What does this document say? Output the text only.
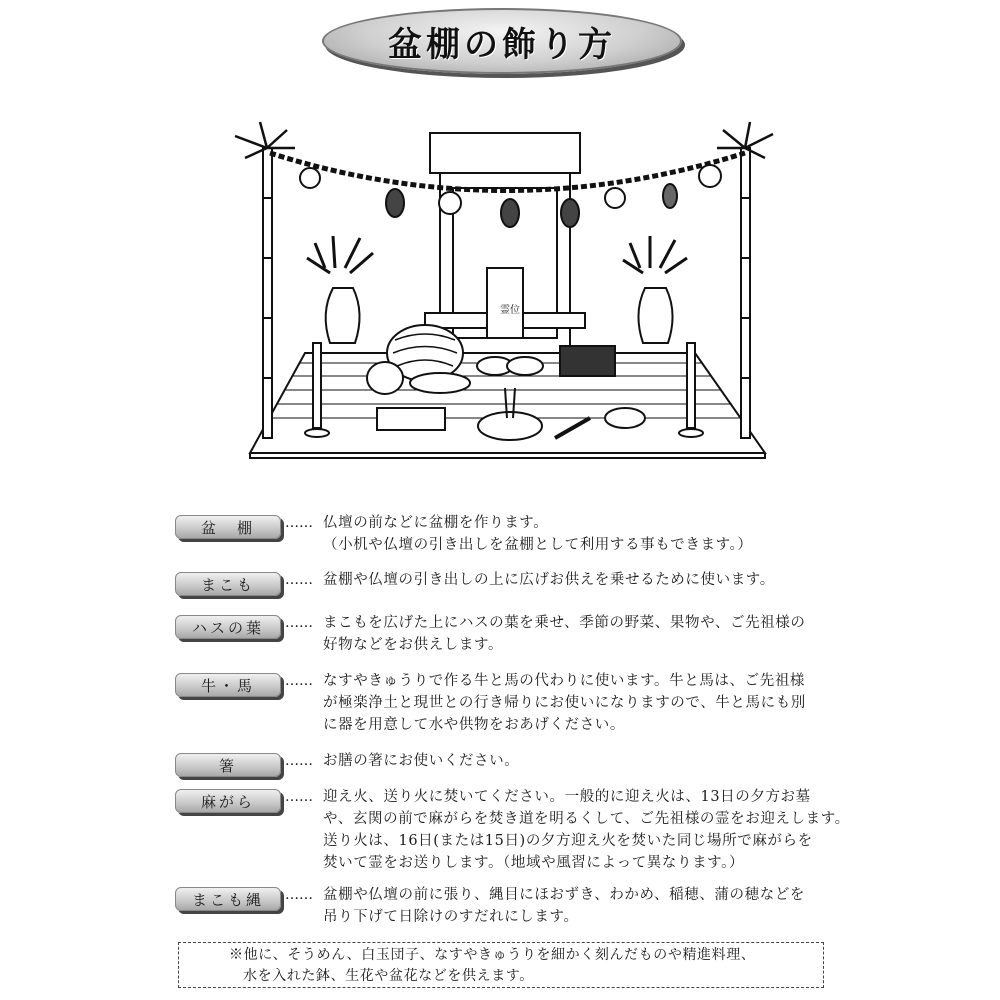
盆棚の飾り方
霊位
盆　棚	…… 仏壇の前などに盆棚を作ります。
（小机や仏壇の引き出しを盆棚として利用する事もできます。）
まこも	…… 盆棚や仏壇の引き出しの上に広げお供えを乗せるために使います。
ハスの葉	…… まこもを広げた上にハスの葉を乗せ、季節の野菜、果物や、ご先祖様の
好物などをお供えします。
牛・馬	…… なすやきゅうりで作る牛と馬の代わりに使います。牛と馬は、ご先祖様
が極楽浄土と現世との行き帰りにお使いになりますので、牛と馬にも別
に器を用意して水や供物をおあげください。
箸	…… お膳の箸にお使いください。
麻がら	…… 迎え火、送り火に焚いてください。一般的に迎え火は、13日の夕方お墓
や、玄関の前で麻がらを焚き道を明るくして、ご先祖様の霊をお迎えします。
送り火は、16日(または15日)の夕方迎え火を焚いた同じ場所で麻がらを
焚いて霊をお送りします。（地域や風習によって異なります。）
まこも縄	…… 盆棚や仏壇の前に張り、縄目にほおずき、わかめ、稲穂、蒲の穂などを
吊り下げて日除けのすだれにします。
※他に、そうめん、白玉団子、なすやきゅうりを細かく刻んだものや精進料理、
水を入れた鉢、生花や盆花などを供えます。
